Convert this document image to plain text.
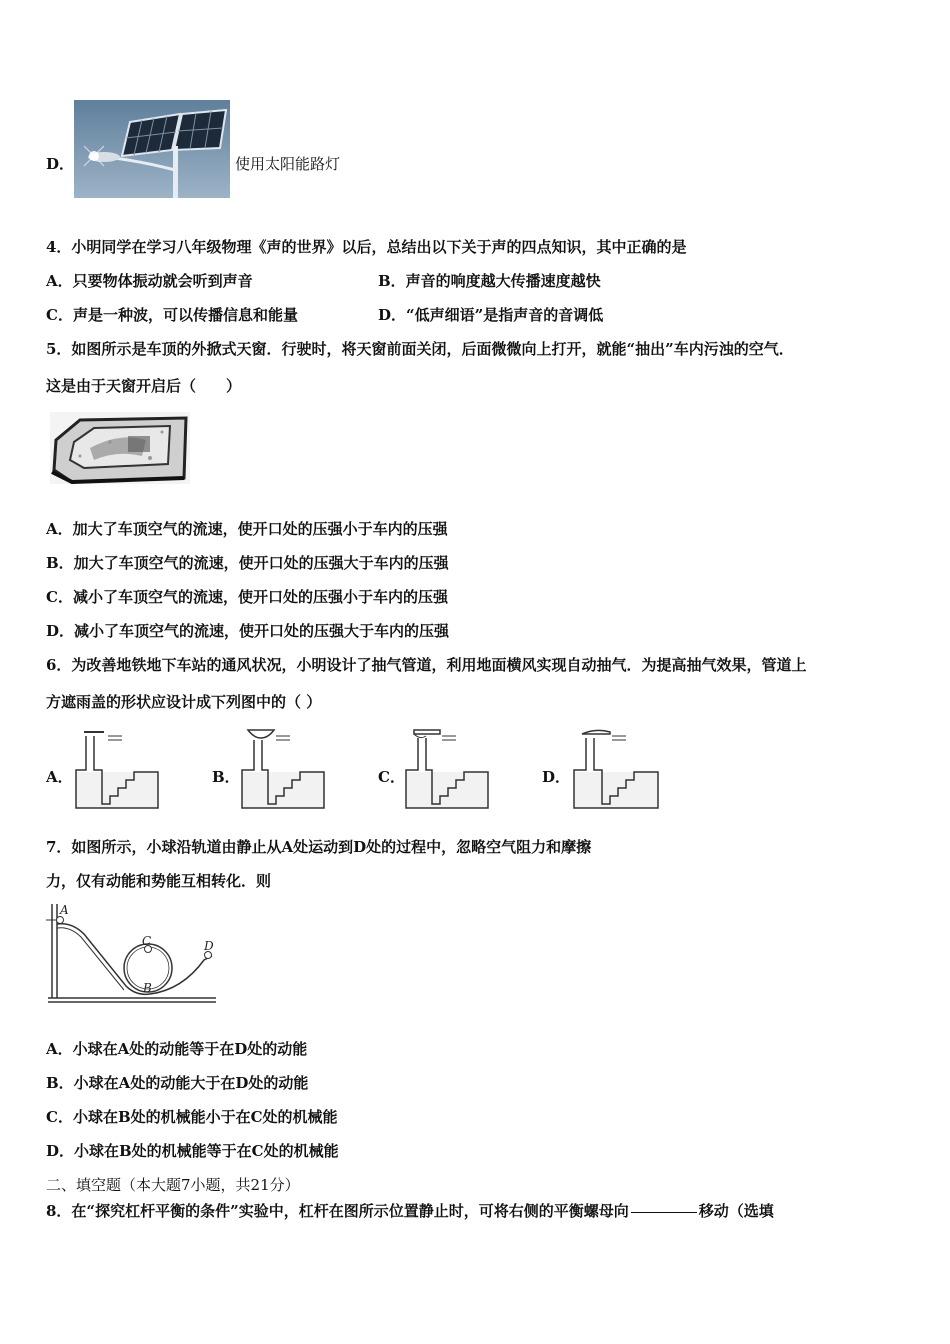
D．	使用太阳能路灯
4．小明同学在学习八年级物理《声的世界》以后，总结出以下关于声的四点知识，其中正确的是
A．只要物体振动就会听到声音	B．声音的响度越大传播速度越快
C．声是一种波，可以传播信息和能量	D．“低声细语”是指声音的音调低
5．如图所示是车顶的外掀式天窗．行驶时，将天窗前面关闭，后面微微向上打开，就能“抽出”车内污浊的空气．
这是由于天窗开启后（　　）
A．加大了车顶空气的流速，使开口处的压强小于车内的压强
B．加大了车顶空气的流速，使开口处的压强大于车内的压强
C．减小了车顶空气的流速，使开口处的压强小于车内的压强
D．减小了车顶空气的流速，使开口处的压强大于车内的压强
6．为改善地铁地下车站的通风状况，小明设计了抽气管道，利用地面横风实现自动抽气．为提高抽气效果，管道上
方遮雨盖的形状应设计成下列图中的（ ）
A．	B．	C．	D．
7．如图所示，小球沿轨道由静止从A处运动到D处的过程中，忽略空气阻力和摩擦
力，仅有动能和势能互相转化．则
A
C
B
D
A．小球在A处的动能等于在D处的动能
B．小球在A处的动能大于在D处的动能
C．小球在B处的机械能小于在C处的机械能
D．小球在B处的机械能等于在C处的机械能
二、填空题（本大题7小题，共21分）
8．在“探究杠杆平衡的条件”实验中，杠杆在图所示位置静止时，可将右侧的平衡螺母向	移动（选填
